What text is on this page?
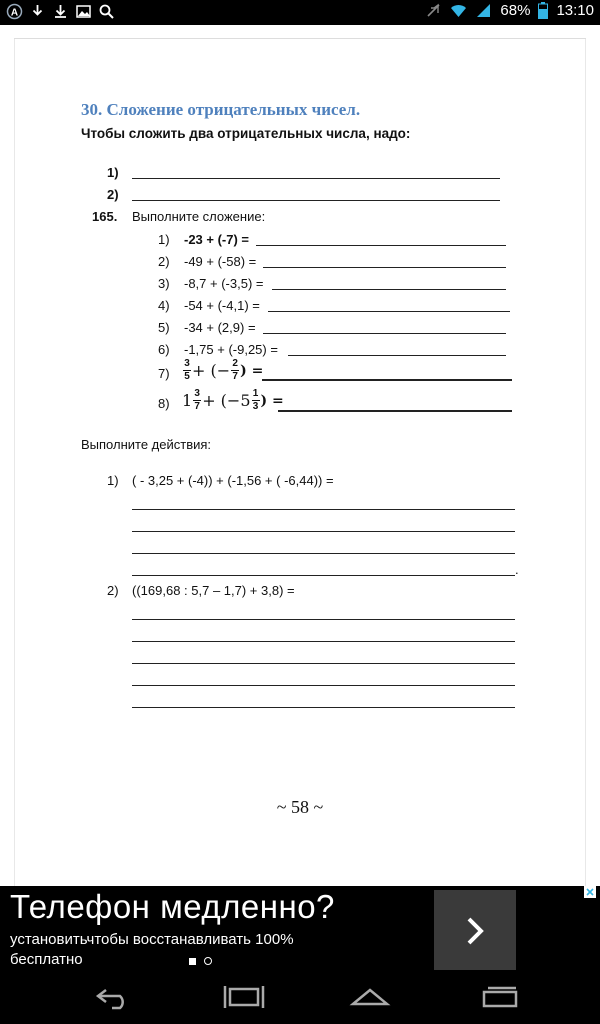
A	68% 13:10
30. Сложение отрицательных чисел.
Чтобы сложить два отрицательных числа, надо:
1)
2)
165. Выполните сложение:
1) -23 + (-7) =
2) -49 + (-58) =
3) -8,7 + (-3,5) =
4) -54 + (-4,1) =
5) -34 + (2,9) =
6) -1,75 + (-9,25) =
$7) \frac{3}{5}$ + (− $\frac{2}{7}$ ) =
8) $1 \frac{3}{7} + (-5 \frac{1}{3}$ ) =
Выполните действия:
1) ( - 3,25 + (-4)) + (-1,56 + ( -6,44)) =
.
2) ((169,68 : 5,7 – 1,7) + 3,8) =
~ 58 ~
Телефон медленно?
установитьчтобы восстанавливать 100%
бесплатно
